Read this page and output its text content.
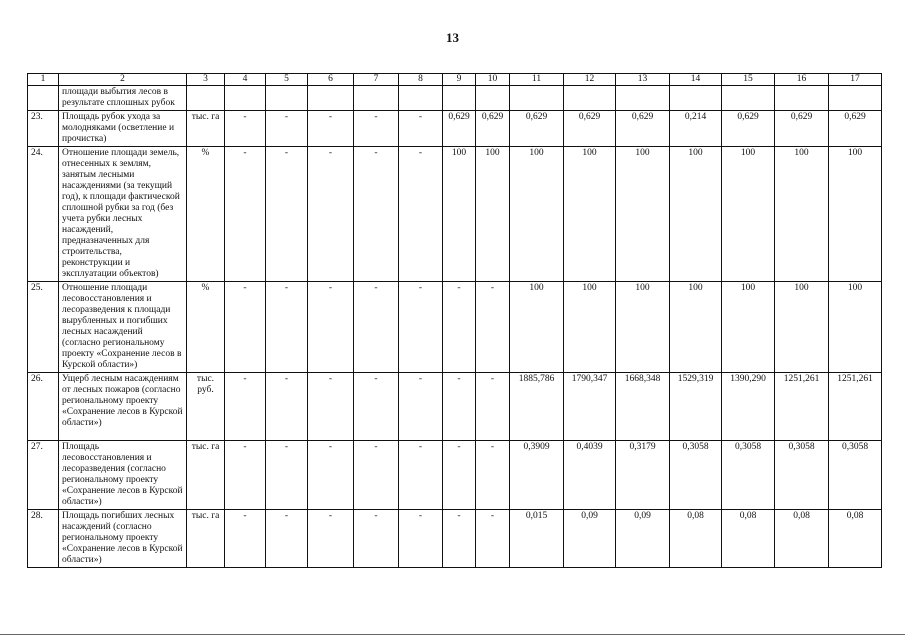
13
1	2	3	4	5	6	7	8	9	10	11	12	13	14	15	16	17
	площади выбытия лесов в результате сплошных рубок															
23.	Площадь рубок ухода за молодняками (осветление и прочистка)	тыс. га	-	-	-	-	-	0,629	0,629	0,629	0,629	0,629	0,214	0,629	0,629	0,629
24.	Отношение площади земель, отнесенных к землям, занятым лесными насаждениями (за текущий год), к площади фактической сплошной рубки за год (без учета рубки лесных насаждений, предназначенных для строительства, реконструкции и эксплуатации объектов)	%	-	-	-	-	-	100	100	100	100	100	100	100	100	100
25.	Отношение площади лесовосстановления и лесоразведения к площади вырубленных и погибших лесных насаждений (согласно региональному проекту «Сохранение лесов в Курской области»)	%	-	-	-	-	-	-	-	100	100	100	100	100	100	100
26.	Ущерб лесным насаждениям от лесных пожаров (согласно региональному проекту «Сохранение лесов в Курской области»)	тыс. руб.	-	-	-	-	-	-	-	1885,786	1790,347	1668,348	1529,319	1390,290	1251,261	1251,261
27.	Площадь лесовосстановления и лесоразведения (согласно региональному проекту «Сохранение лесов в Курской области»)	тыс. га	-	-	-	-	-	-	-	0,3909	0,4039	0,3179	0,3058	0,3058	0,3058	0,3058
28.	Площадь погибших лесных насаждений (согласно региональному проекту «Сохранение лесов в Курской области»)	тыс. га	-	-	-	-	-	-	-	0,015	0,09	0,09	0,08	0,08	0,08	0,08
